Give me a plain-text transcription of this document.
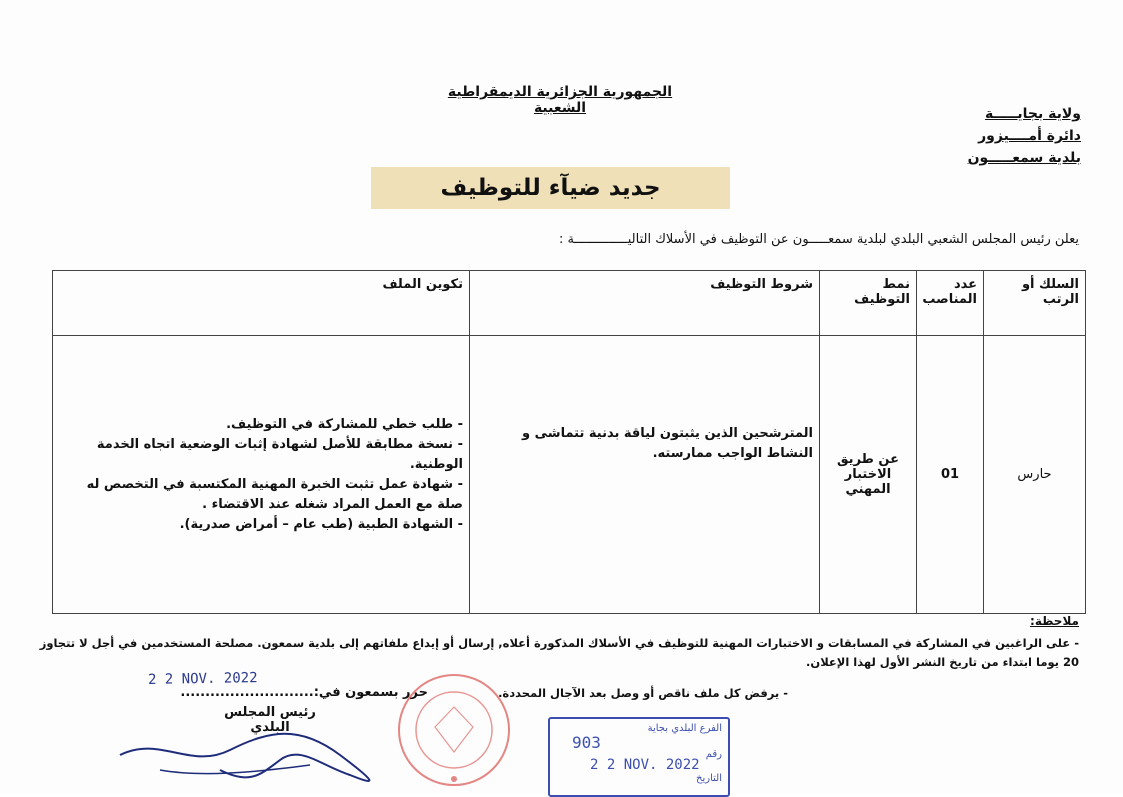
الجمهورية الجزائرية الديمقراطية الشعبية	ولاية بجايـــــة
دائرة أمــــيزور
بلدية سمعـــــون
جديد ضيآء للتوظيف
يعلن رئيس المجلس الشعبي البلدي لبلدية سمعـــــون عن التوظيف في الأسلاك التاليــــــــــــــة :
السلك أو الرتب	عدد المناصب	نمط التوظيف	شروط التوظيف	تكوين الملف
حارس	01	عن طريق الاختبار المهني	المترشحين الذين يثبتون لياقة بدنية تتماشى و النشاط الواجب ممارسته.	- طلب خطي للمشاركة في التوظيف.
- نسخة مطابقة للأصل لشهادة إثبات الوضعية اتجاه الخدمة الوطنية.
- شهادة عمل تثبت الخبرة المهنية المكتسبة في التخصص له صلة مع العمل المراد شغله عند الاقتضاء .
- الشهادة الطبية (طب عام – أمراض صدرية).
ملاحظة:
- على الراغبين في المشاركة في المسابقات و الاختبارات المهنية للتوظيف في الأسلاك المذكورة أعلاه, إرسال أو إيداع ملفاتهم إلى بلدية سمعون. مصلحة المستخدمين في أجل لا تتجاوز 20 يوما ابتداء من تاريخ النشر الأول لهذا الإعلان.
- يرفض كل ملف ناقص أو وصل بعد الآجال المحددة.
2 2 NOV. 2022
حرر بسمعون في:...........................
رئيس المجلس البلدي	الفرع البلدي بجاية
903
رقم
2 2 NOV. 2022
التاريخ
